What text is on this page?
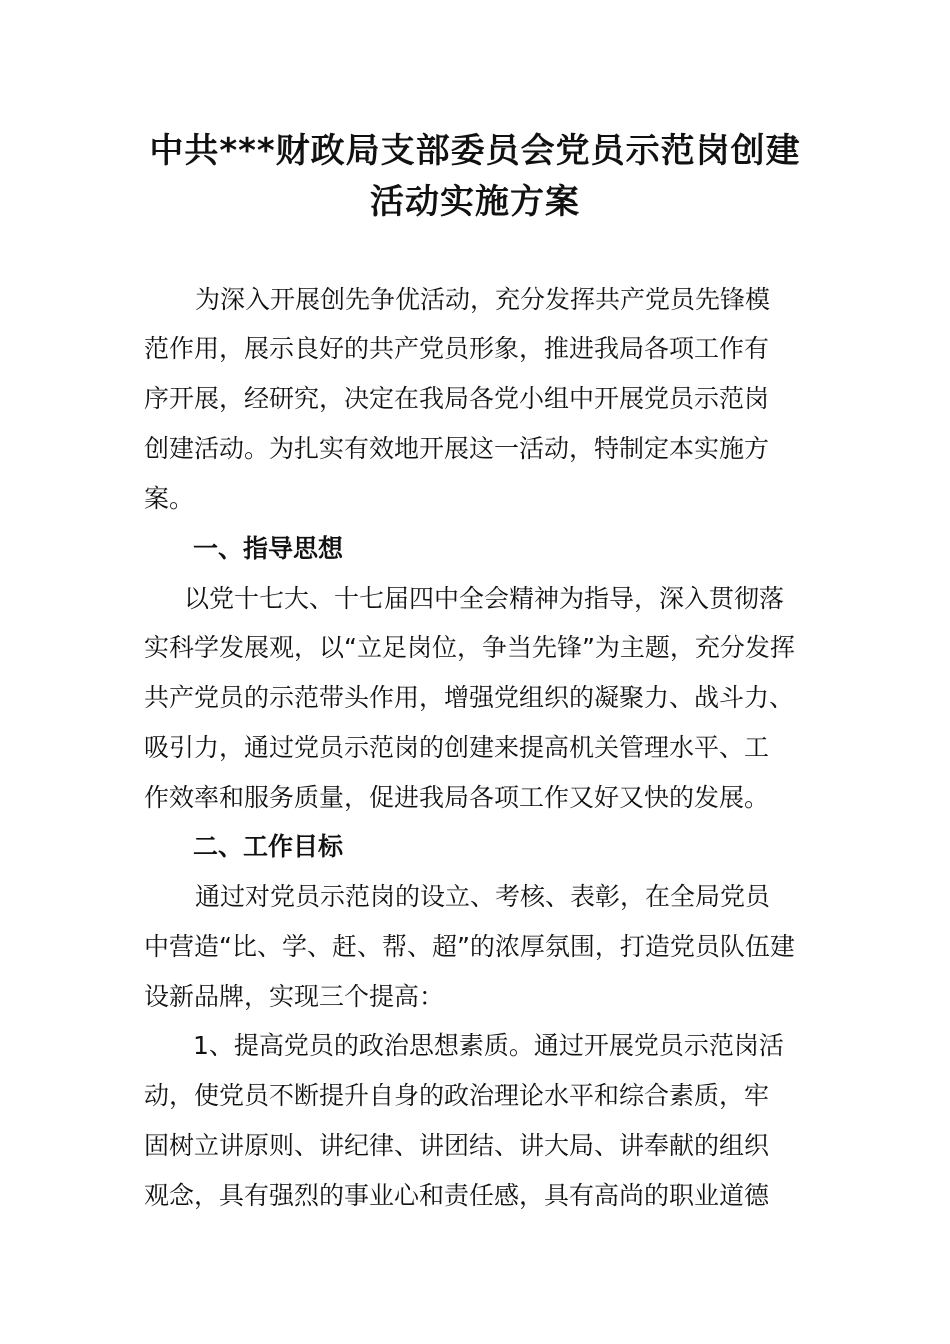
中共***财政局支部委员会党员示范岗创建
活动实施方案
为深入开展创先争优活动，充分发挥共产党员先锋模
范作用，展示良好的共产党员形象，推进我局各项工作有
序开展，经研究，决定在我局各党小组中开展党员示范岗
创建活动。为扎实有效地开展这一活动，特制定本实施方
案。
一、指导思想
以党十七大、十七届四中全会精神为指导，深入贯彻落
实科学发展观，以“立足岗位，争当先锋”为主题，充分发挥
共产党员的示范带头作用，增强党组织的凝聚力、战斗力、
吸引力，通过党员示范岗的创建来提高机关管理水平、工
作效率和服务质量，促进我局各项工作又好又快的发展。
二、工作目标
通过对党员示范岗的设立、考核、表彰，在全局党员
中营造“比、学、赶、帮、超”的浓厚氛围，打造党员队伍建
设新品牌，实现三个提高：
1、提高党员的政治思想素质。通过开展党员示范岗活
动，使党员不断提升自身的政治理论水平和综合素质，牢
固树立讲原则、讲纪律、讲团结、讲大局、讲奉献的组织
观念，具有强烈的事业心和责任感，具有高尚的职业道德
